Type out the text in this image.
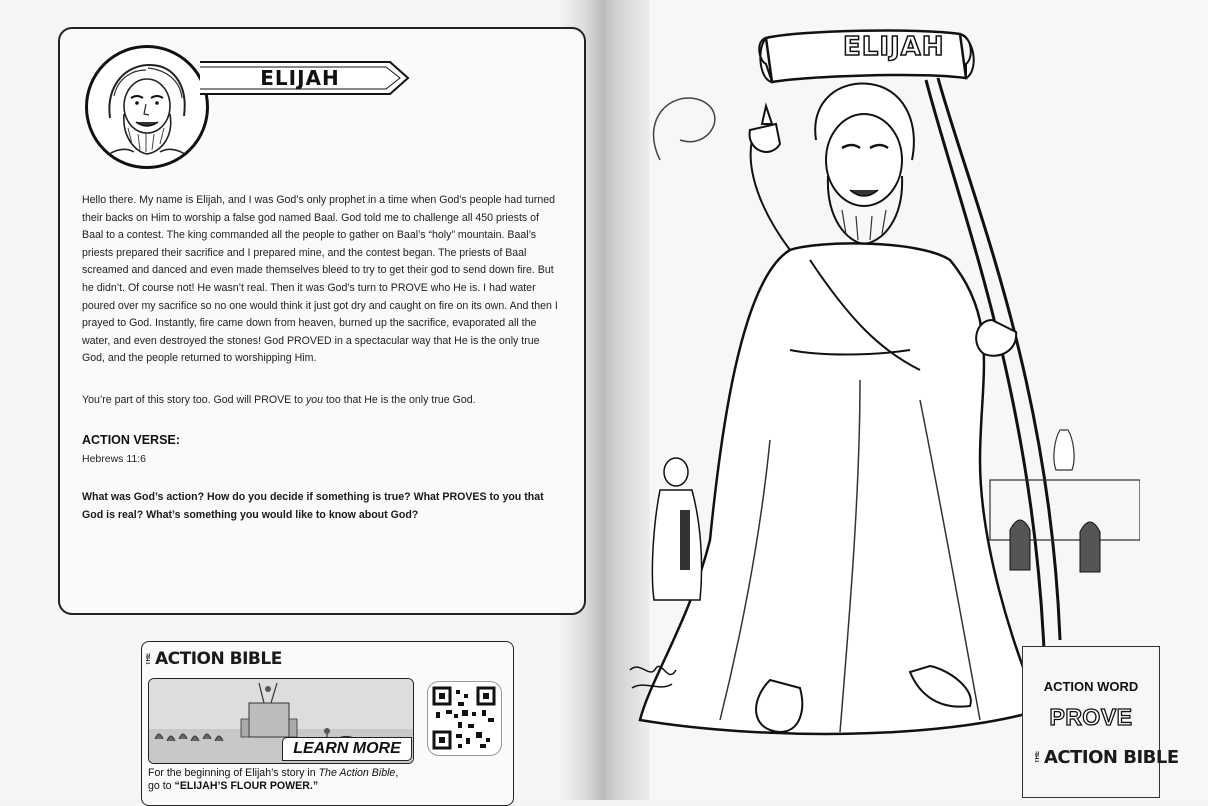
ELIJAH

Hello there. My name is Elijah, and I was God’s only prophet in a time when God’s people had turned their backs on Him to worship a false god named Baal. God told me to challenge all 450 priests of Baal to a contest. The king commanded all the people to gather on Baal’s “holy” mountain. Baal’s priests prepared their sacrifice and I prepared mine, and the contest began. The priests of Baal screamed and danced and even made themselves bleed to try to get their god to send down fire. But he didn’t. Of course not! He wasn’t real. Then it was God’s turn to PROVE who He is. I had water poured over my sacrifice so no one would think it just got dry and caught on fire on its own. And then I prayed to God. Instantly, fire came down from heaven, burned up the sacrifice, evaporated all the water, and even destroyed the stones! God PROVED in a spectacular way that He is the only true God, and the people returned to worshipping Him.

You’re part of this story too. God will PROVE to you too that He is the only true God.

ACTION VERSE:

Hebrews 11:6

What was God’s action? How do you decide if something is true? What PROVES to you that God is real? What’s something you would like to know about God?

THE ACTION BIBLE
LEARN MORE

For the beginning of Elijah’s story in The Action Bible,
go to “ELIJAH’S FLOUR POWER.”

ELIJAH
ACTION WORD
PROVE
THE ACTION BIBLE
